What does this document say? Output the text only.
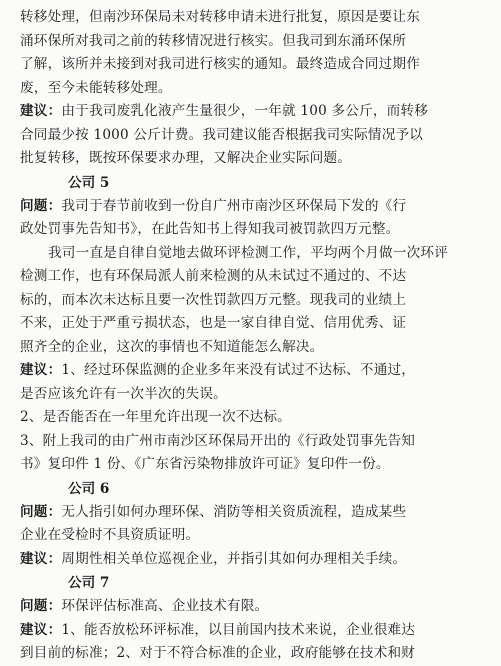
转移处理，但南沙环保局未对转移申请未进行批复，原因是要让东
涌环保所对我司之前的转移情况进行核实。但我司到东涌环保所
了解，该所并未接到对我司进行核实的通知。最终造成合同过期作
废，至今未能转移处理。
建议：由于我司废乳化液产生量很少，一年就 100 多公斤，而转移
合同最少按 1000 公斤计费。我司建议能否根据我司实际情况予以
批复转移，既按环保要求办理，又解决企业实际问题。
公司 5
问题：我司于春节前收到一份自广州市南沙区环保局下发的《行
政处罚事先告知书》，在此告知书上得知我司被罚款四万元整。
我司一直是自律自觉地去做环评检测工作，平均两个月做一次环评
检测工作，也有环保局派人前来检测的从未试过不通过的、不达
标的，而本次未达标且要一次性罚款四万元整。现我司的业绩上
不来，正处于严重亏损状态，也是一家自律自觉、信用优秀、证
照齐全的企业，这次的事情也不知道能怎么解决。
建议：1、经过环保监测的企业多年来没有试过不达标、不通过，
是否应该允许有一次半次的失误。
2、是否能否在一年里允许出现一次不达标。
3、附上我司的由广州市南沙区环保局开出的《行政处罚事先告知
书》复印件 1 份、《广东省污染物排放许可证》复印件一份。
公司 6
问题：无人指引如何办理环保、消防等相关资质流程，造成某些
企业在受检时不具资质证明。
建议：周期性相关单位巡视企业，并指引其如何办理相关手续。
公司 7
问题：环保评估标准高、企业技术有限。
建议：1、能否放松环评标准，以目前国内技术来说，企业很难达
到目前的标准；2、对于不符合标准的企业，政府能够在技术和财
